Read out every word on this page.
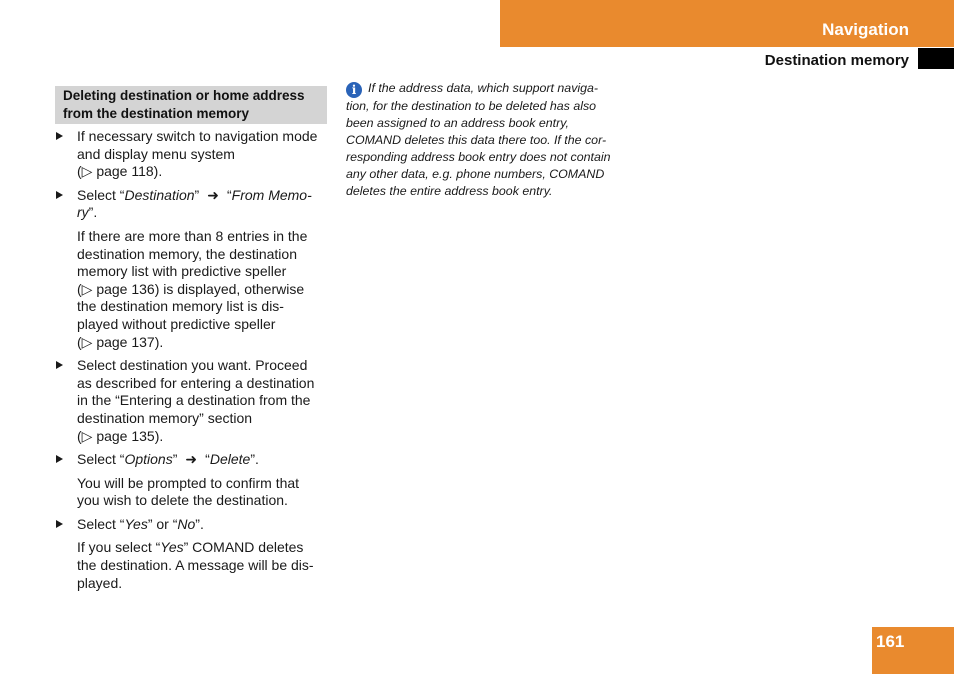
Navigation
Destination memory
Deleting destination or home address
from the destination memory
If necessary switch to navigation mode
and display menu system
(▷ page 118).
Select “Destination” ➜ “From Memo-
ry”.
If there are more than 8 entries in the
destination memory, the destination
memory list with predictive speller
(▷ page 136) is displayed, otherwise
the destination memory list is dis-
played without predictive speller
(▷ page 137).
Select destination you want. Proceed
as described for entering a destination
in the “Entering a destination from the
destination memory” section
(▷ page 135).
Select “Options” ➜ “Delete”.
You will be prompted to confirm that
you wish to delete the destination.
Select “Yes” or “No”.
If you select “Yes” COMAND deletes
the destination. A message will be dis-
played.
i If the address data, which support naviga-
tion, for the destination to be deleted has also
been assigned to an address book entry,
COMAND deletes this data there too. If the cor-
responding address book entry does not contain
any other data, e.g. phone numbers, COMAND
deletes the entire address book entry.
161
